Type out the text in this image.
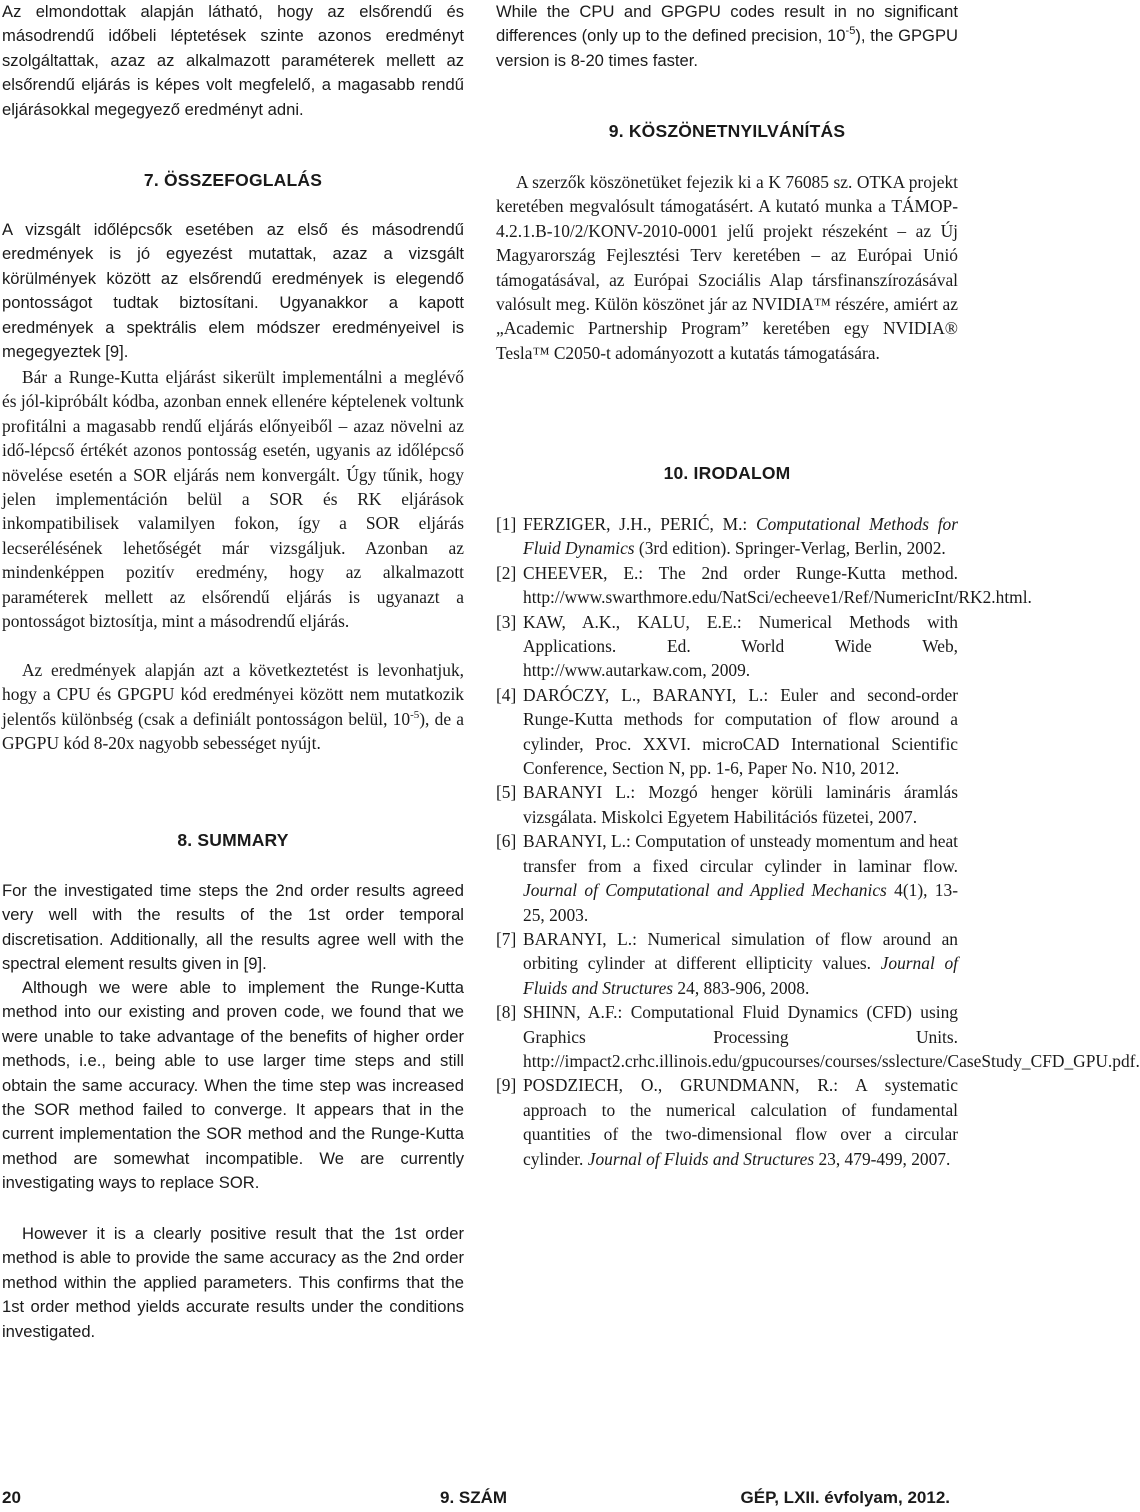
Az elmondottak alapján látható, hogy az elsőrendű és másodrendű időbeli léptetések szinte azonos eredményt szolgáltattak, azaz az alkalmazott paraméterek mellett az elsőrendű eljárás is képes volt megfelelő, a magasabb rendű eljárásokkal megegyező eredményt adni.

7. ÖSSZEFOGLALÁS

A vizsgált időlépcsők esetében az első és másodrendű eredmények is jó egyezést mutattak, azaz a vizsgált körülmények között az elsőrendű eredmények is elegendő pontosságot tudtak biztosítani. Ugyanakkor a kapott eredmények a spektrális elem módszer eredményeivel is megegyeztek [9].

Bár a Runge-Kutta eljárást sikerült implementálni a meglévő és jól-kipróbált kódba, azonban ennek ellenére képtelenek voltunk profitálni a magasabb rendű eljárás előnyeiből – azaz növelni az idő-lépcső értékét azonos pontosság esetén, ugyanis az időlépcső növelése esetén a SOR eljárás nem konvergált. Úgy tűnik, hogy jelen implementáción belül a SOR és RK eljárások inkompatibilisek valamilyen fokon, így a SOR eljárás lecserélésének lehetőségét már vizsgáljuk. Azonban az mindenképpen pozitív eredmény, hogy az alkalmazott paraméterek mellett az elsőrendű eljárás is ugyanazt a pontosságot biztosítja, mint a másodrendű eljárás.

Az eredmények alapján azt a következtetést is levonhatjuk, hogy a CPU és GPGPU kód eredményei között nem mutatkozik jelentős különbség (csak a definiált pontosságon belül, $10^{-5}$), de a GPGPU kód 8-20x nagyobb sebességet nyújt.

8. SUMMARY

For the investigated time steps the 2nd order results agreed very well with the results of the 1st order temporal discretisation. Additionally, all the results agree well with the spectral element results given in [9].

Although we were able to implement the Runge-Kutta method into our existing and proven code, we found that we were unable to take advantage of the benefits of higher order methods, i.e., being able to use larger time steps and still obtain the same accuracy. When the time step was increased the SOR method failed to converge. It appears that in the current implementation the SOR method and the Runge-Kutta method are somewhat incompatible. We are currently investigating ways to replace SOR.

However it is a clearly positive result that the 1st order method is able to provide the same accuracy as the 2nd order method within the applied parameters. This confirms that the 1st order method yields accurate results under the conditions investigated.

While the CPU and GPGPU codes result in no significant differences (only up to the defined precision, $10^{-5}$), the GPGPU version is 8-20 times faster.

9. KÖSZÖNETNYILVÁNÍTÁS

A szerzők köszönetüket fejezik ki a K 76085 sz. OTKA projekt keretében megvalósult támogatásért. A kutató munka a TÁMOP-4.2.1.B-10/2/KONV-2010-0001 jelű projekt részeként – az Új Magyarország Fejlesztési Terv keretében – az Európai Unió támogatásával, az Európai Szociális Alap társfinanszírozásával valósult meg. Külön köszönet jár az NVIDIA™ részére, amiért az „Academic Partnership Program” keretében egy NVIDIA® Tesla™ C2050-t adományozott a kutatás támogatására.

10. IRODALOM
[1] FERZIGER, J.H., PERIĆ, M.: Computational Methods for Fluid Dynamics (3rd edition). Springer-Verlag, Berlin, 2002.
[2] CHEEVER, E.: The 2nd order Runge-Kutta method. http://www.swarthmore.edu/NatSci/echeeve1/Ref/NumericInt/RK2.html.
[3] KAW, A.K., KALU, E.E.: Numerical Methods with Applications. Ed. World Wide Web, http://www.autarkaw.com, 2009.
[4] DARÓCZY, L., BARANYI, L.: Euler and second-order Runge-Kutta methods for computation of flow around a cylinder, Proc. XXVI. microCAD International Scientific Conference, Section N, pp. 1-6, Paper No. N10, 2012.
[5] BARANYI L.: Mozgó henger körüli lamináris áramlás vizsgálata. Miskolci Egyetem Habilitációs füzetei, 2007.
[6] BARANYI, L.: Computation of unsteady momentum and heat transfer from a fixed circular cylinder in laminar flow. Journal of Computational and Applied Mechanics 4(1), 13-25, 2003.
[7] BARANYI, L.: Numerical simulation of flow around an orbiting cylinder at different ellipticity values. Journal of Fluids and Structures 24, 883-906, 2008.
[8] SHINN, A.F.: Computational Fluid Dynamics (CFD) using Graphics Processing Units. http://impact2.crhc.illinois.edu/gpucourses/courses/sslecture/CaseStudy_CFD_GPU.pdf.
[9] POSDZIECH, O., GRUNDMANN, R.: A systematic approach to the numerical calculation of fundamental quantities of the two-dimensional flow over a circular cylinder. Journal of Fluids and Structures 23, 479-499, 2007.
20	9. SZÁM	GÉP, LXII. évfolyam, 2012.
